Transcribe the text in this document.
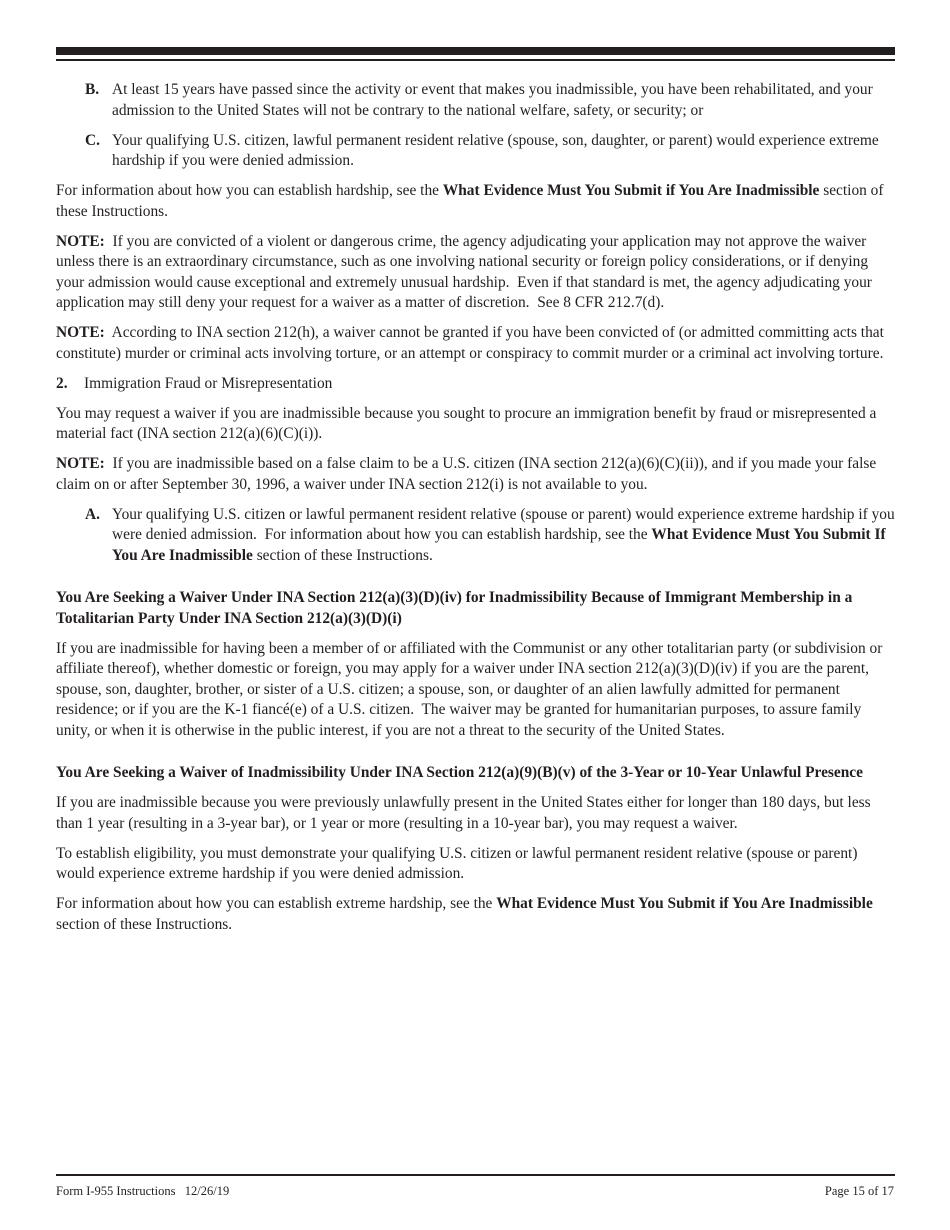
B. At least 15 years have passed since the activity or event that makes you inadmissible, you have been rehabilitated, and your admission to the United States will not be contrary to the national welfare, safety, or security; or
C. Your qualifying U.S. citizen, lawful permanent resident relative (spouse, son, daughter, or parent) would experience extreme hardship if you were denied admission.

For information about how you can establish hardship, see the What Evidence Must You Submit if You Are Inadmissible section of these Instructions.

NOTE:  If you are convicted of a violent or dangerous crime, the agency adjudicating your application may not approve the waiver unless there is an extraordinary circumstance, such as one involving national security or foreign policy considerations, or if denying your admission would cause exceptional and extremely unusual hardship.  Even if that standard is met, the agency adjudicating your application may still deny your request for a waiver as a matter of discretion.  See 8 CFR 212.7(d).

NOTE:  According to INA section 212(h), a waiver cannot be granted if you have been convicted of (or admitted committing acts that constitute) murder or criminal acts involving torture, or an attempt or conspiracy to commit murder or a criminal act involving torture.

2.	Immigration Fraud or Misrepresentation

You may request a waiver if you are inadmissible because you sought to procure an immigration benefit by fraud or misrepresented a material fact (INA section 212(a)(6)(C)(i)).

NOTE:  If you are inadmissible based on a false claim to be a U.S. citizen (INA section 212(a)(6)(C)(ii)), and if you made your false claim on or after September 30, 1996, a waiver under INA section 212(i) is not available to you.

A. Your qualifying U.S. citizen or lawful permanent resident relative (spouse or parent) would experience extreme hardship if you were denied admission.  For information about how you can establish hardship, see the What Evidence Must You Submit If You Are Inadmissible section of these Instructions.
You Are Seeking a Waiver Under INA Section 212(a)(3)(D)(iv) for Inadmissibility Because of Immigrant Membership in a Totalitarian Party Under INA Section 212(a)(3)(D)(i)

If you are inadmissible for having been a member of or affiliated with the Communist or any other totalitarian party (or subdivision or affiliate thereof), whether domestic or foreign, you may apply for a waiver under INA section 212(a)(3)(D)(iv) if you are the parent, spouse, son, daughter, brother, or sister of a U.S. citizen; a spouse, son, or daughter of an alien lawfully admitted for permanent residence; or if you are the K-1 fiancé(e) of a U.S. citizen.  The waiver may be granted for humanitarian purposes, to assure family unity, or when it is otherwise in the public interest, if you are not a threat to the security of the United States.

You Are Seeking a Waiver of Inadmissibility Under INA Section 212(a)(9)(B)(v) of the 3-Year or 10-Year Unlawful Presence

If you are inadmissible because you were previously unlawfully present in the United States either for longer than 180 days, but less than 1 year (resulting in a 3-year bar), or 1 year or more (resulting in a 10-year bar), you may request a waiver.

To establish eligibility, you must demonstrate your qualifying U.S. citizen or lawful permanent resident relative (spouse or parent) would experience extreme hardship if you were denied admission.

For information about how you can establish extreme hardship, see the What Evidence Must You Submit if You Are Inadmissible section of these Instructions.

Form I-955 Instructions   12/26/19	Page 15 of 17
